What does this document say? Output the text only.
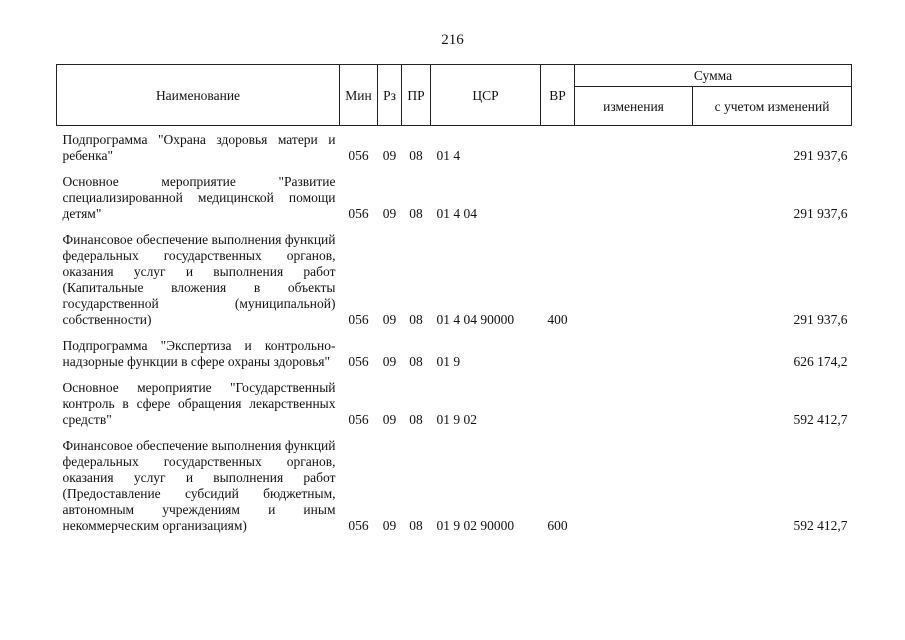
216
Наименование	Мин	Рз	ПР	ЦСР	ВР	Сумма	
						изменения	с учетом изменений
Подпрограмма "Охрана здоровья матери и ребенка"	056	09	08	01 4			291 937,6
Основное мероприятие "Развитие специализированной медицинской помощи детям"	056	09	08	01 4 04			291 937,6
Финансовое обеспечение выполнения функций федеральных государственных органов, оказания услуг и выполнения работ (Капитальные вложения в объекты государственной (муниципальной) собственности)	056	09	08	01 4 04 90000	400		291 937,6
Подпрограмма "Экспертиза и контрольно-надзорные функции в сфере охраны здоровья"	056	09	08	01 9			626 174,2
Основное мероприятие "Государственный контроль в сфере обращения лекарственных средств"	056	09	08	01 9 02			592 412,7
Финансовое обеспечение выполнения функций федеральных государственных органов, оказания услуг и выполнения работ (Предоставление субсидий бюджетным, автономным учреждениям и иным некоммерческим организациям)	056	09	08	01 9 02 90000	600		592 412,7
